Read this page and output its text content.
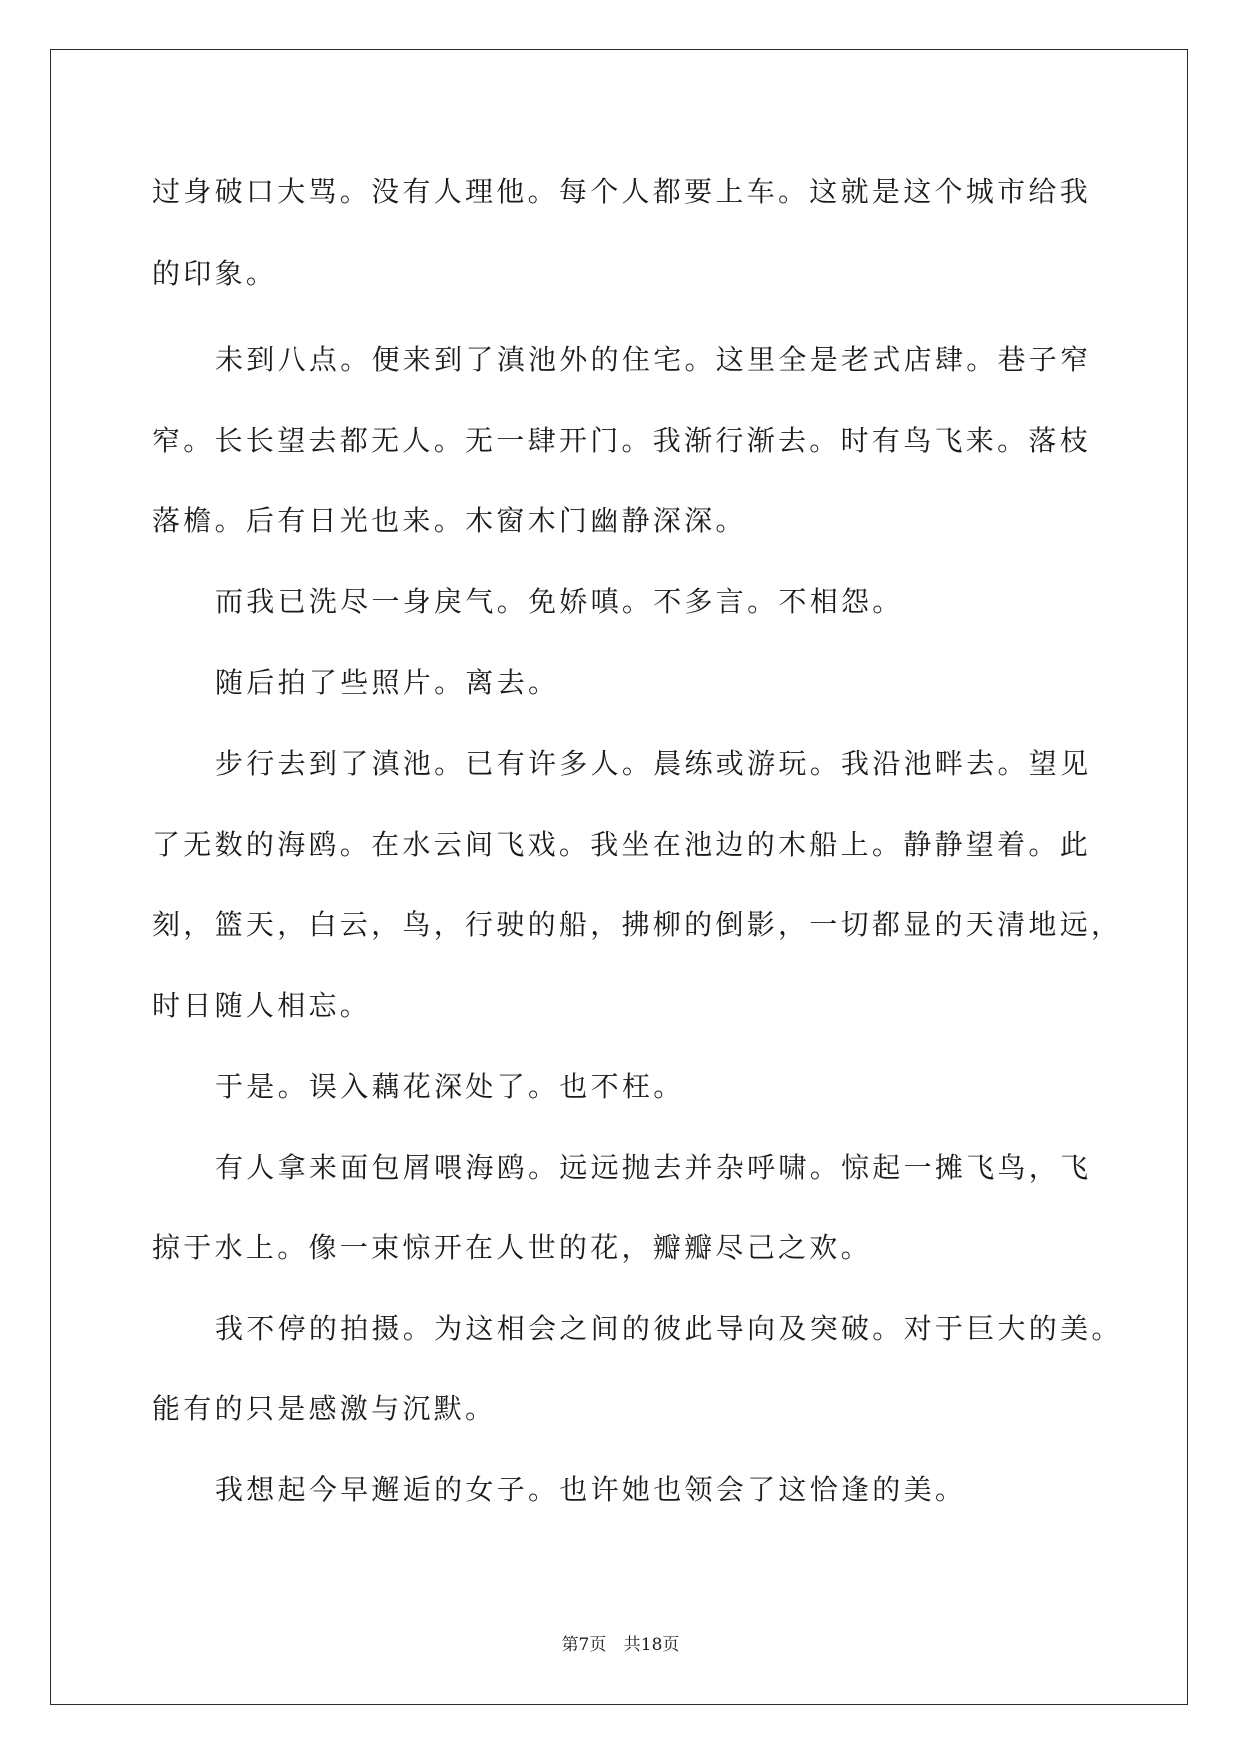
过身破口大骂。没有人理他。每个人都要上车。这就是这个城市给我

的印象。

未到八点。便来到了滇池外的住宅。这里全是老式店肆。巷子窄

窄。长长望去都无人。无一肆开门。我渐行渐去。时有鸟飞来。落枝

落檐。后有日光也来。木窗木门幽静深深。

而我已洗尽一身戾气。免娇嗔。不多言。不相怨。

随后拍了些照片。离去。

步行去到了滇池。已有许多人。晨练或游玩。我沿池畔去。望见

了无数的海鸥。在水云间飞戏。我坐在池边的木船上。静静望着。此

刻，篮天，白云，鸟，行驶的船，拂柳的倒影，一切都显的天清地远，

时日随人相忘。

于是。误入藕花深处了。也不枉。

有人拿来面包屑喂海鸥。远远抛去并杂呼啸。惊起一摊飞鸟，飞

掠于水上。像一束惊开在人世的花，瓣瓣尽己之欢。

我不停的拍摄。为这相会之间的彼此导向及突破。对于巨大的美。

能有的只是感激与沉默。

我想起今早邂逅的女子。也许她也领会了这恰逢的美。

第7页 共18页
